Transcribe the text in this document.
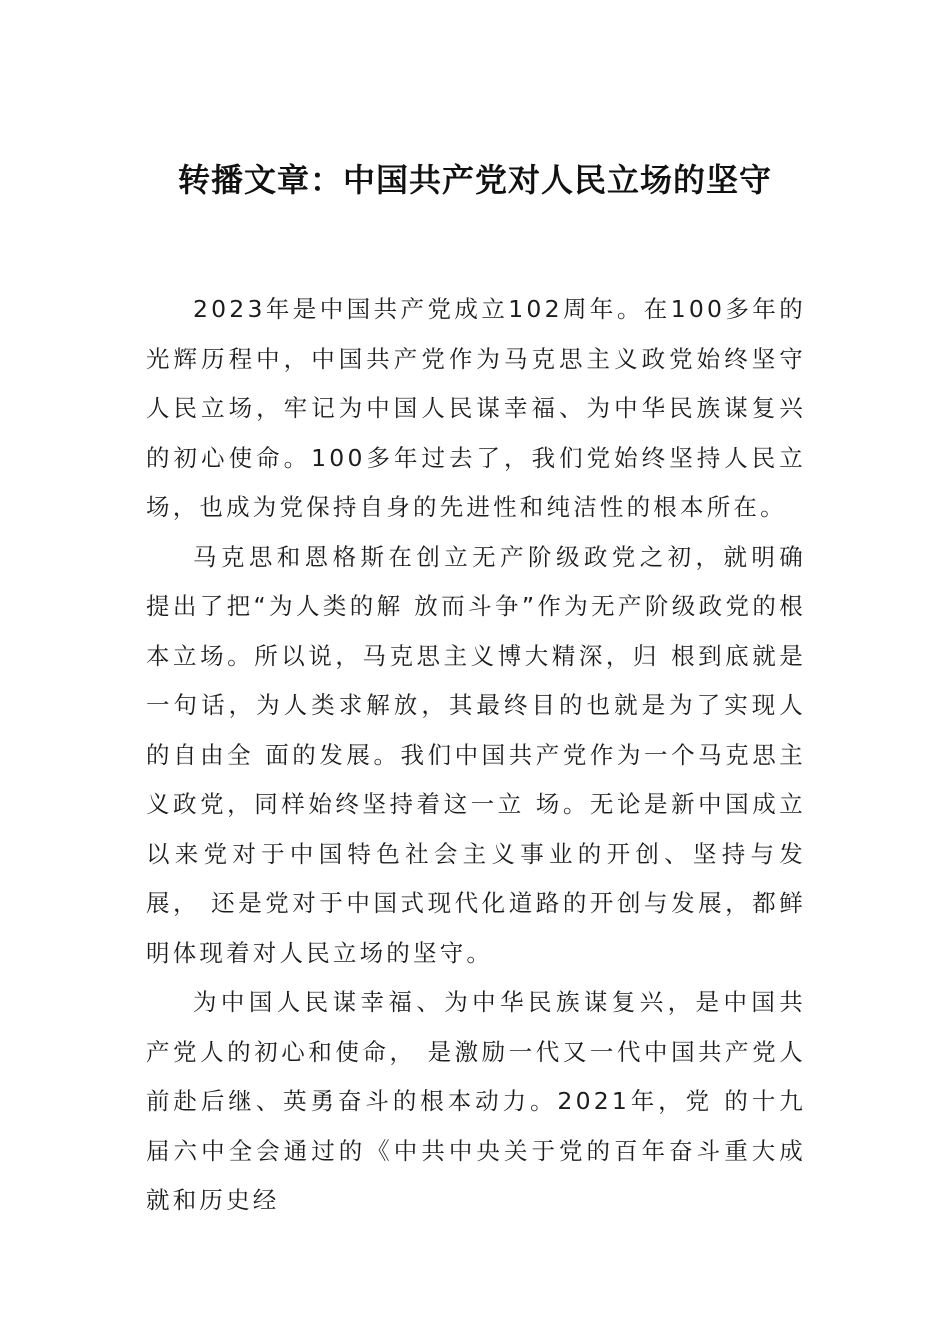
转播文章：中国共产党对人民立场的坚守

2023年是中国共产党成立102周年。在100多年的光辉历程中，中国共产党作为马克思主义政党始终坚守人民立场，牢记为中国人民谋幸福、为中华民族谋复兴的初心使命。100多年过去了，我们党始终坚持人民立场，也成为党保持自身的先进性和纯洁性的根本所在。

马克思和恩格斯在创立无产阶级政党之初，就明确提出了把“为人类的解 放而斗争”作为无产阶级政党的根本立场。所以说，马克思主义博大精深，归 根到底就是一句话，为人类求解放，其最终目的也就是为了实现人的自由全 面的发展。我们中国共产党作为一个马克思主义政党，同样始终坚持着这一立 场。无论是新中国成立以来党对于中国特色社会主义事业的开创、坚持与发展， 还是党对于中国式现代化道路的开创与发展，都鲜明体现着对人民立场的坚守。

为中国人民谋幸福、为中华民族谋复兴，是中国共产党人的初心和使命， 是激励一代又一代中国共产党人前赴后继、英勇奋斗的根本动力。2021年，党 的十九届六中全会通过的《中共中央关于党的百年奋斗重大成就和历史经
